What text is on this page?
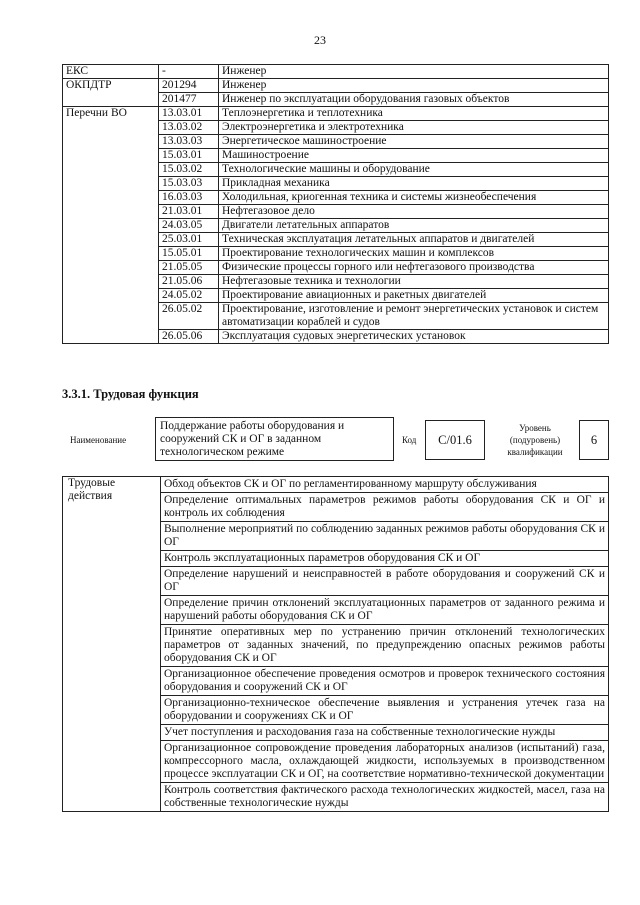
23
ЕКС	-	Инженер
ОКПДТР	201294	Инженер
	201477	Инженер по эксплуатации оборудования газовых объектов
Перечни ВО	13.03.01	Теплоэнергетика и теплотехника
	13.03.02	Электроэнергетика и электротехника
	13.03.03	Энергетическое машиностроение
	15.03.01	Машиностроение
	15.03.02	Технологические машины и оборудование
	15.03.03	Прикладная механика
	16.03.03	Холодильная, криогенная техника и системы жизнеобеспечения
	21.03.01	Нефтегазовое дело
	24.03.05	Двигатели летательных аппаратов
	25.03.01	Техническая эксплуатация летательных аппаратов и двигателей
	15.05.01	Проектирование технологических машин и комплексов
	21.05.05	Физические процессы горного или нефтегазового производства
	21.05.06	Нефтегазовые техника и технологии
	24.05.02	Проектирование авиационных и ракетных двигателей
	26.05.02	Проектирование, изготовление и ремонт энергетических установок и систем автоматизации кораблей и судов
	26.05.06	Эксплуатация судовых энергетических установок
3.3.1. Трудовая функция
Наименование
Поддержание работы оборудования и сооружений СК и ОГ в заданном технологическом режиме
Код	C/01.6
Уровень (подуровень) квалификации
6
Трудовые действия	Обход объектов СК и ОГ по регламентированному маршруту обслуживания
Определение оптимальных параметров режимов работы оборудования СК и ОГ и контроль их соблюдения
Выполнение мероприятий по соблюдению заданных режимов работы оборудования СК и ОГ
Контроль эксплуатационных параметров оборудования СК и ОГ
Определение нарушений и неисправностей в работе оборудования и сооружений СК и ОГ
Определение причин отклонений эксплуатационных параметров от заданного режима и нарушений работы оборудования СК и ОГ
Принятие оперативных мер по устранению причин отклонений технологических параметров от заданных значений, по предупреждению опасных режимов работы оборудования СК и ОГ
Организационное обеспечение проведения осмотров и проверок технического состояния оборудования и сооружений СК и ОГ
Организационно-техническое обеспечение выявления и устранения утечек газа на оборудовании и сооружениях СК и ОГ
Учет поступления и расходования газа на собственные технологические нужды
Организационное сопровождение проведения лабораторных анализов (испытаний) газа, компрессорного масла, охлаждающей жидкости, используемых в производственном процессе эксплуатации СК и ОГ, на соответствие нормативно-технической документации
Контроль соответствия фактического расхода технологических жидкостей, масел, газа на собственные технологические нужды
